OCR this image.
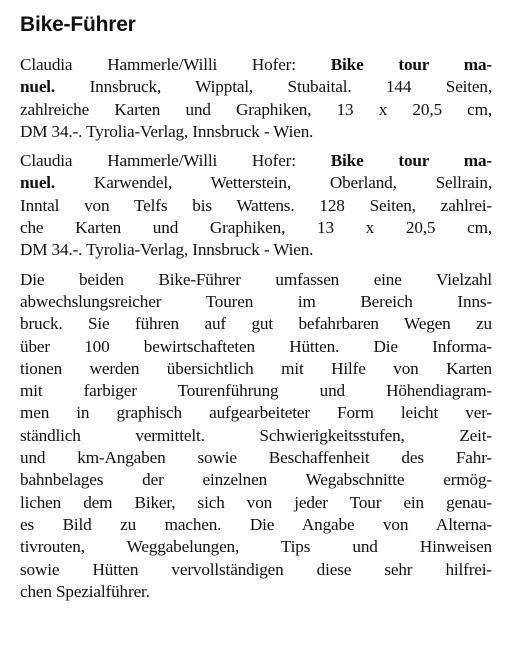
Bike-Führer
Claudia Hammerle/Willi Hofer: Bike tour ma-
nuel. Innsbruck, Wipptal, Stubaital. 144 Seiten,
zahlreiche Karten und Graphiken, 13 x 20,5 cm,
DM 34.-. Tyrolia-Verlag, Innsbruck - Wien.
Claudia Hammerle/Willi Hofer: Bike tour ma-
nuel. Karwendel, Wetterstein, Oberland, Sellrain,
Inntal von Telfs bis Wattens. 128 Seiten, zahlrei-
che Karten und Graphiken, 13 x 20,5 cm,
DM 34.-. Tyrolia-Verlag, Innsbruck - Wien.
Die beiden Bike-Führer umfassen eine Vielzahl
abwechslungsreicher Touren im Bereich Inns-
bruck. Sie führen auf gut befahrbaren Wegen zu
über 100 bewirtschafteten Hütten. Die Informa-
tionen werden übersichtlich mit Hilfe von Karten
mit farbiger Tourenführung und Höhendiagram-
men in graphisch aufgearbeiteter Form leicht ver-
ständlich vermittelt. Schwierigkeitsstufen, Zeit-
und km-Angaben sowie Beschaffenheit des Fahr-
bahnbelages der einzelnen Wegabschnitte ermög-
lichen dem Biker, sich von jeder Tour ein genau-
es Bild zu machen. Die Angabe von Alterna-
tivrouten, Weggabelungen, Tips und Hinweisen
sowie Hütten vervollständigen diese sehr hilfrei-
chen Spezialführer.
